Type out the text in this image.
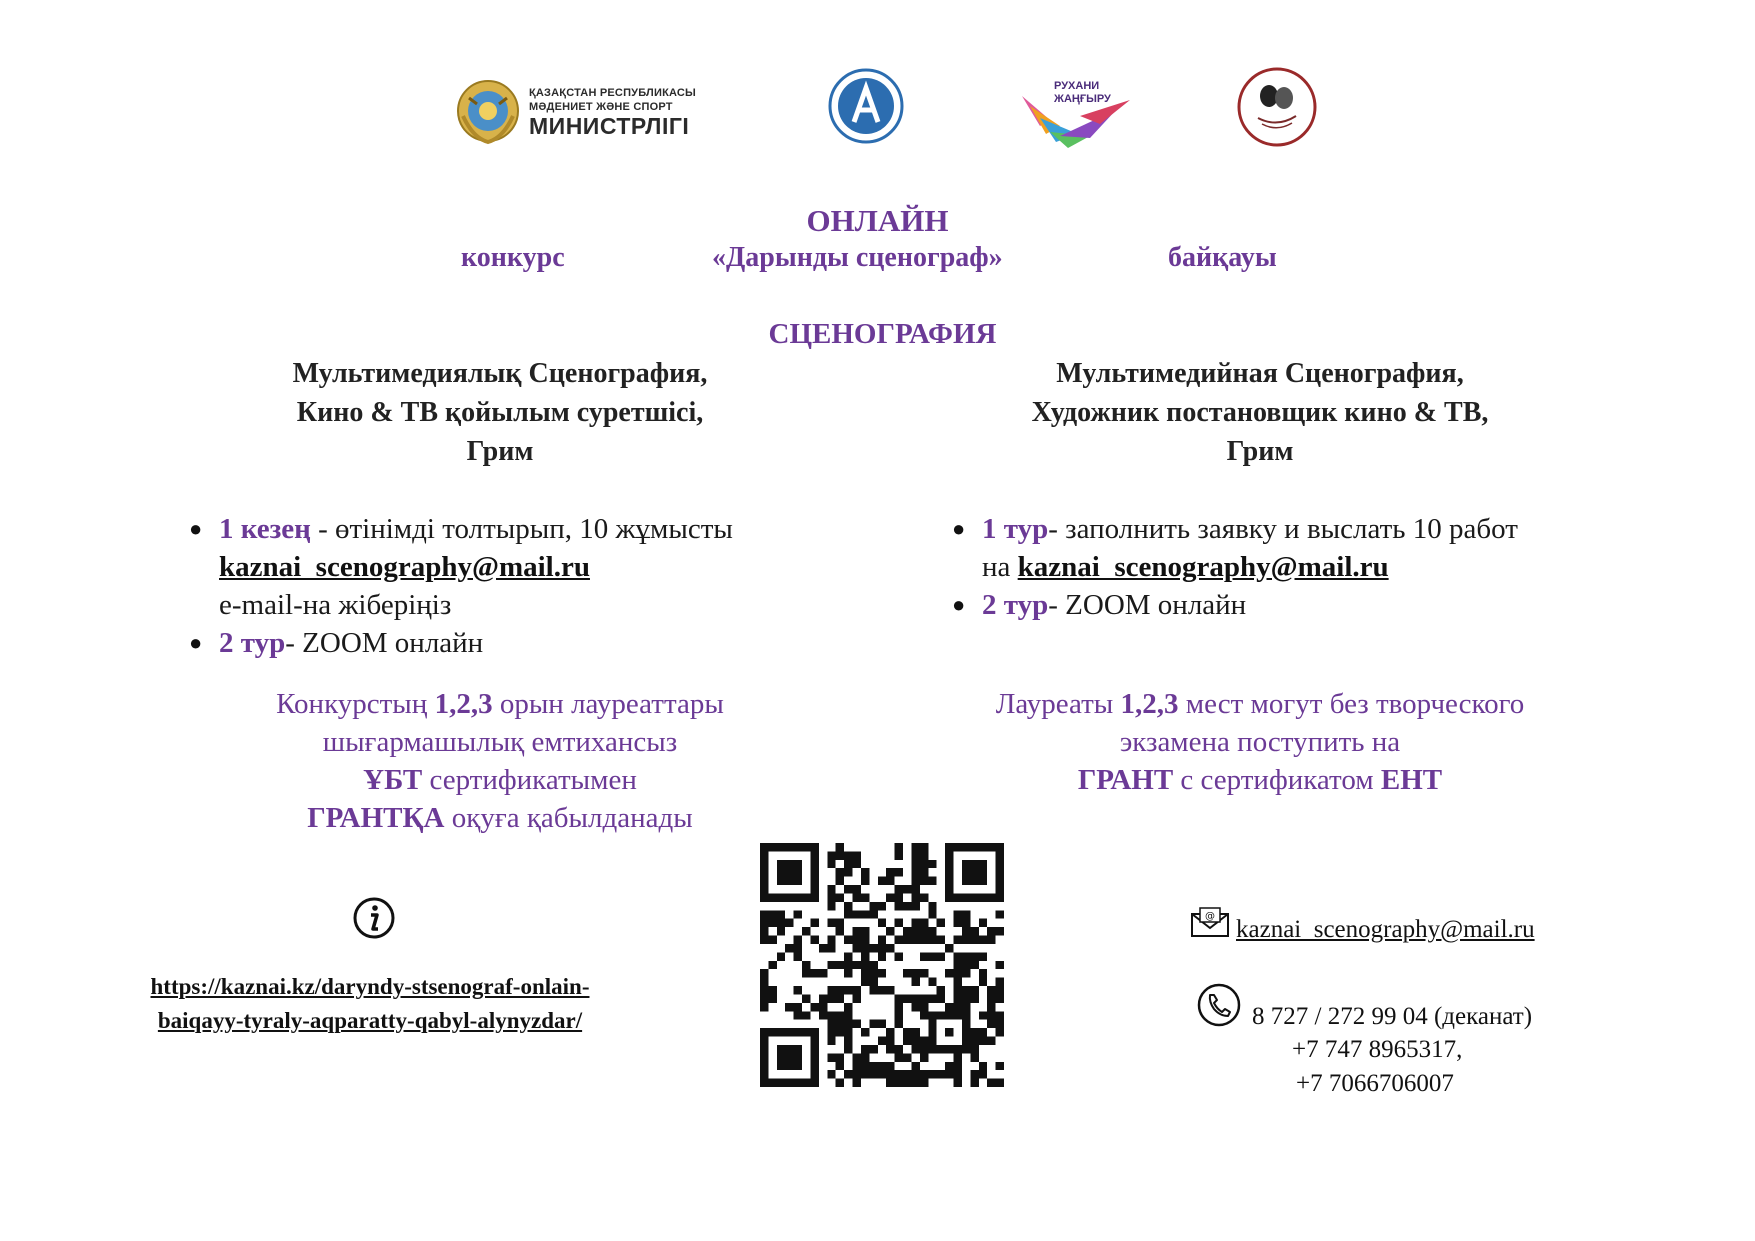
ҚАЗАҚСТАН РЕСПУБЛИКАСЫ
МӘДЕНИЕТ ЖӘНЕ СПОРТ
МИНИСТРЛІГІ
РУХАНИ
ЖАҢҒЫРУ
ОНЛАЙН
конкурс	«Дарынды сценограф»	байқауы
СЦЕНОГРАФИЯ
Мультимедиялық Сценография,
Кино & ТВ қойылым суретшісі,
Грим
Мультимедийная Сценография,
Художник постановщик кино & ТВ,
Грим
● 1 кезең - өтінімді толтырып, 10 жұмысты
kaznai_scenography@mail.ru
e-mail-на жіберіңіз
● 2 тур- ZOOM онлайн
● 1 тур- заполнить заявку и выслать 10 работ
на kaznai_scenography@mail.ru
● 2 тур- ZOOM онлайн
Конкурстың 1,2,3 орын лауреаттары
шығармашылық емтихансыз
ҰБТ сертификатымен
ГРАНТҚА оқуға қабылданады
Лауреаты 1,2,3 мест могут без творческого
экзамена поступить на
ГРАНТ с сертификатом ЕНТ
https://kaznai.kz/daryndy-stsenograf-onlain-
baiqayy-tyraly-aqparatty-qabyl-alynyzdar/
@ kaznai_scenography@mail.ru
8 727 / 272 99 04 (деканат)
+7 747 8965317,
+7 7066706007
